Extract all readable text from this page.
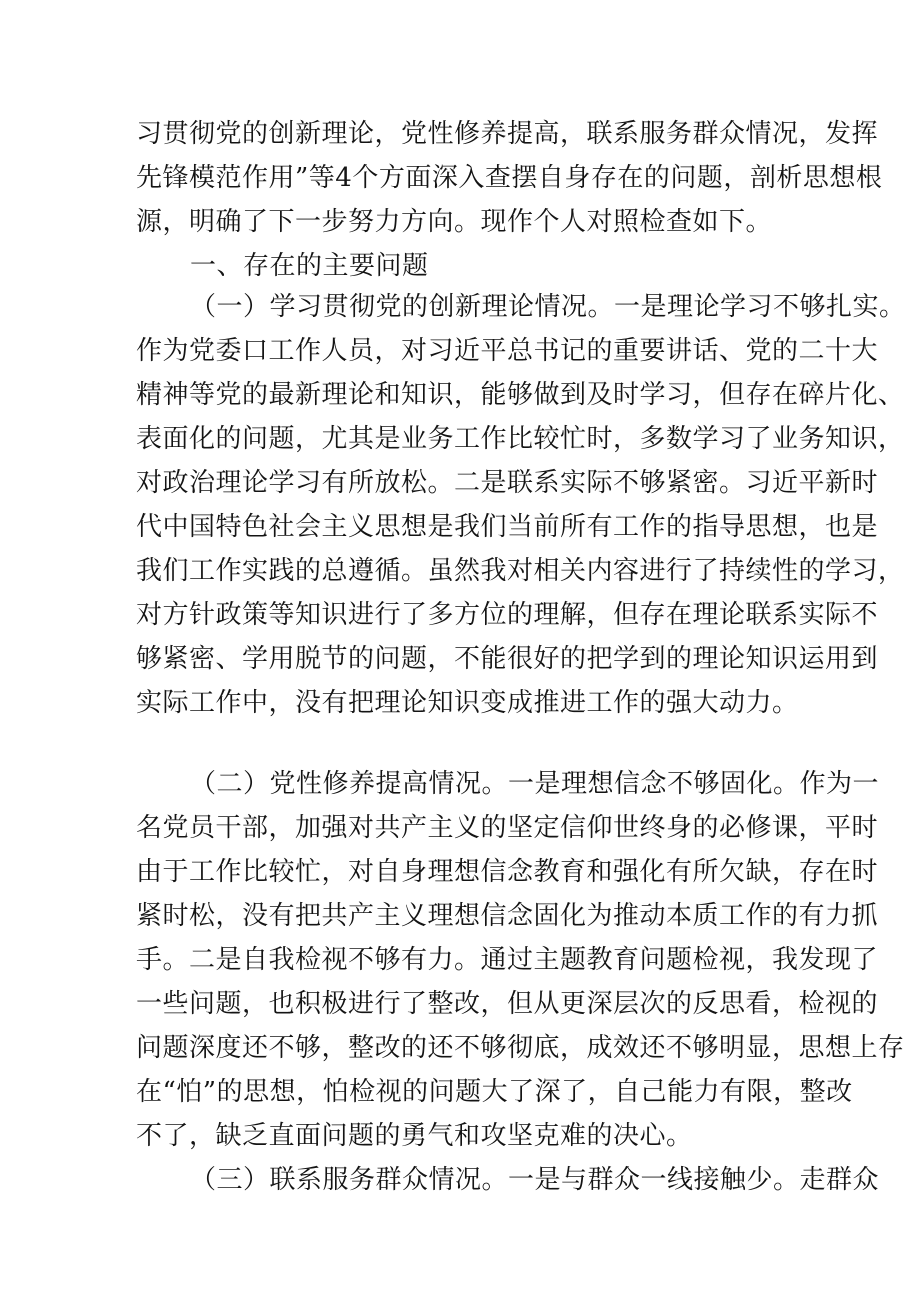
习贯彻党的创新理论，党性修养提高，联系服务群众情况，发挥
先锋模范作用”等4个方面深入查摆自身存在的问题，剖析思想根
源，明确了下一步努力方向。现作个人对照检查如下。
一、存在的主要问题
（一）学习贯彻党的创新理论情况。一是理论学习不够扎实。
作为党委口工作人员，对习近平总书记的重要讲话、党的二十大
精神等党的最新理论和知识，能够做到及时学习，但存在碎片化、
表面化的问题，尤其是业务工作比较忙时，多数学习了业务知识，
对政治理论学习有所放松。二是联系实际不够紧密。习近平新时
代中国特色社会主义思想是我们当前所有工作的指导思想，也是
我们工作实践的总遵循。虽然我对相关内容进行了持续性的学习，
对方针政策等知识进行了多方位的理解，但存在理论联系实际不
够紧密、学用脱节的问题，不能很好的把学到的理论知识运用到
实际工作中，没有把理论知识变成推进工作的强大动力。
（二）党性修养提高情况。一是理想信念不够固化。作为一
名党员干部，加强对共产主义的坚定信仰世终身的必修课，平时
由于工作比较忙，对自身理想信念教育和强化有所欠缺，存在时
紧时松，没有把共产主义理想信念固化为推动本质工作的有力抓
手。二是自我检视不够有力。通过主题教育问题检视，我发现了
一些问题，也积极进行了整改，但从更深层次的反思看，检视的
问题深度还不够，整改的还不够彻底，成效还不够明显，思想上存
在“怕”的思想，怕检视的问题大了深了，自己能力有限，整改
不了，缺乏直面问题的勇气和攻坚克难的决心。
（三）联系服务群众情况。一是与群众一线接触少。走群众
